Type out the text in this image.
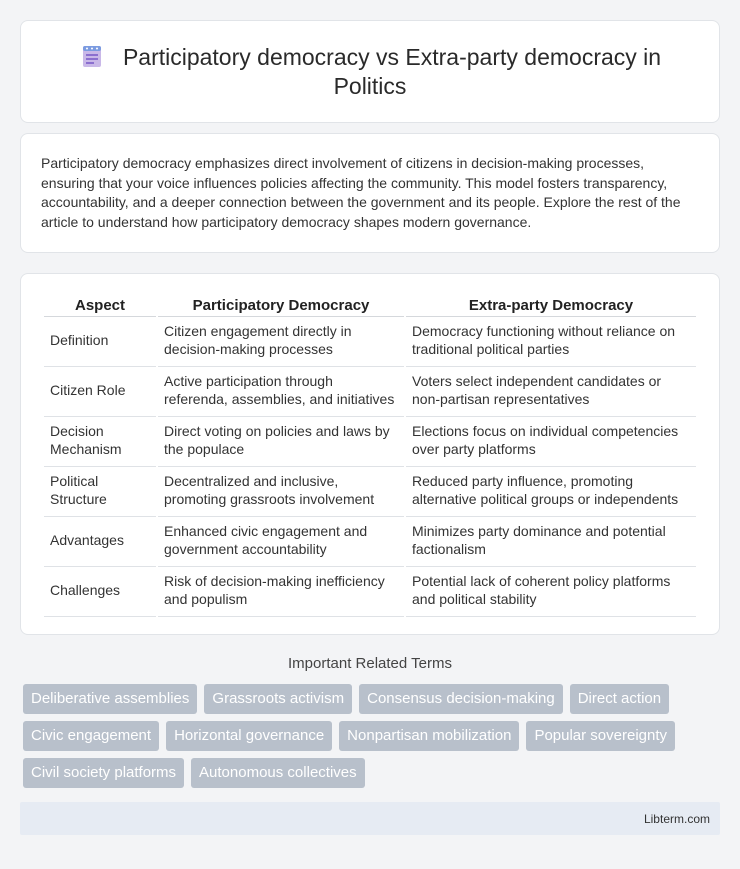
Participatory democracy vs Extra-party democracy in Politics

Participatory democracy emphasizes direct involvement of citizens in decision-making processes, ensuring that your voice influences policies affecting the community. This model fosters transparency, accountability, and a deeper connection between the government and its people. Explore the rest of the article to understand how participatory democracy shapes modern governance.

Aspect	Participatory Democracy	Extra-party Democracy
Definition	Citizen engagement directly in decision-making processes	Democracy functioning without reliance on traditional political parties
Citizen Role	Active participation through referenda, assemblies, and initiatives	Voters select independent candidates or non-partisan representatives
Decision Mechanism	Direct voting on policies and laws by the populace	Elections focus on individual competencies over party platforms
Political Structure	Decentralized and inclusive, promoting grassroots involvement	Reduced party influence, promoting alternative political groups or independents
Advantages	Enhanced civic engagement and government accountability	Minimizes party dominance and potential factionalism
Challenges	Risk of decision-making inefficiency and populism	Potential lack of coherent policy platforms and political stability
Important Related Terms
Deliberative assemblies	Grassroots activism	Consensus decision-making	Direct action
Civic engagement	Horizontal governance	Nonpartisan mobilization	Popular sovereignty
Civil society platforms	Autonomous collectives
Libterm.com
